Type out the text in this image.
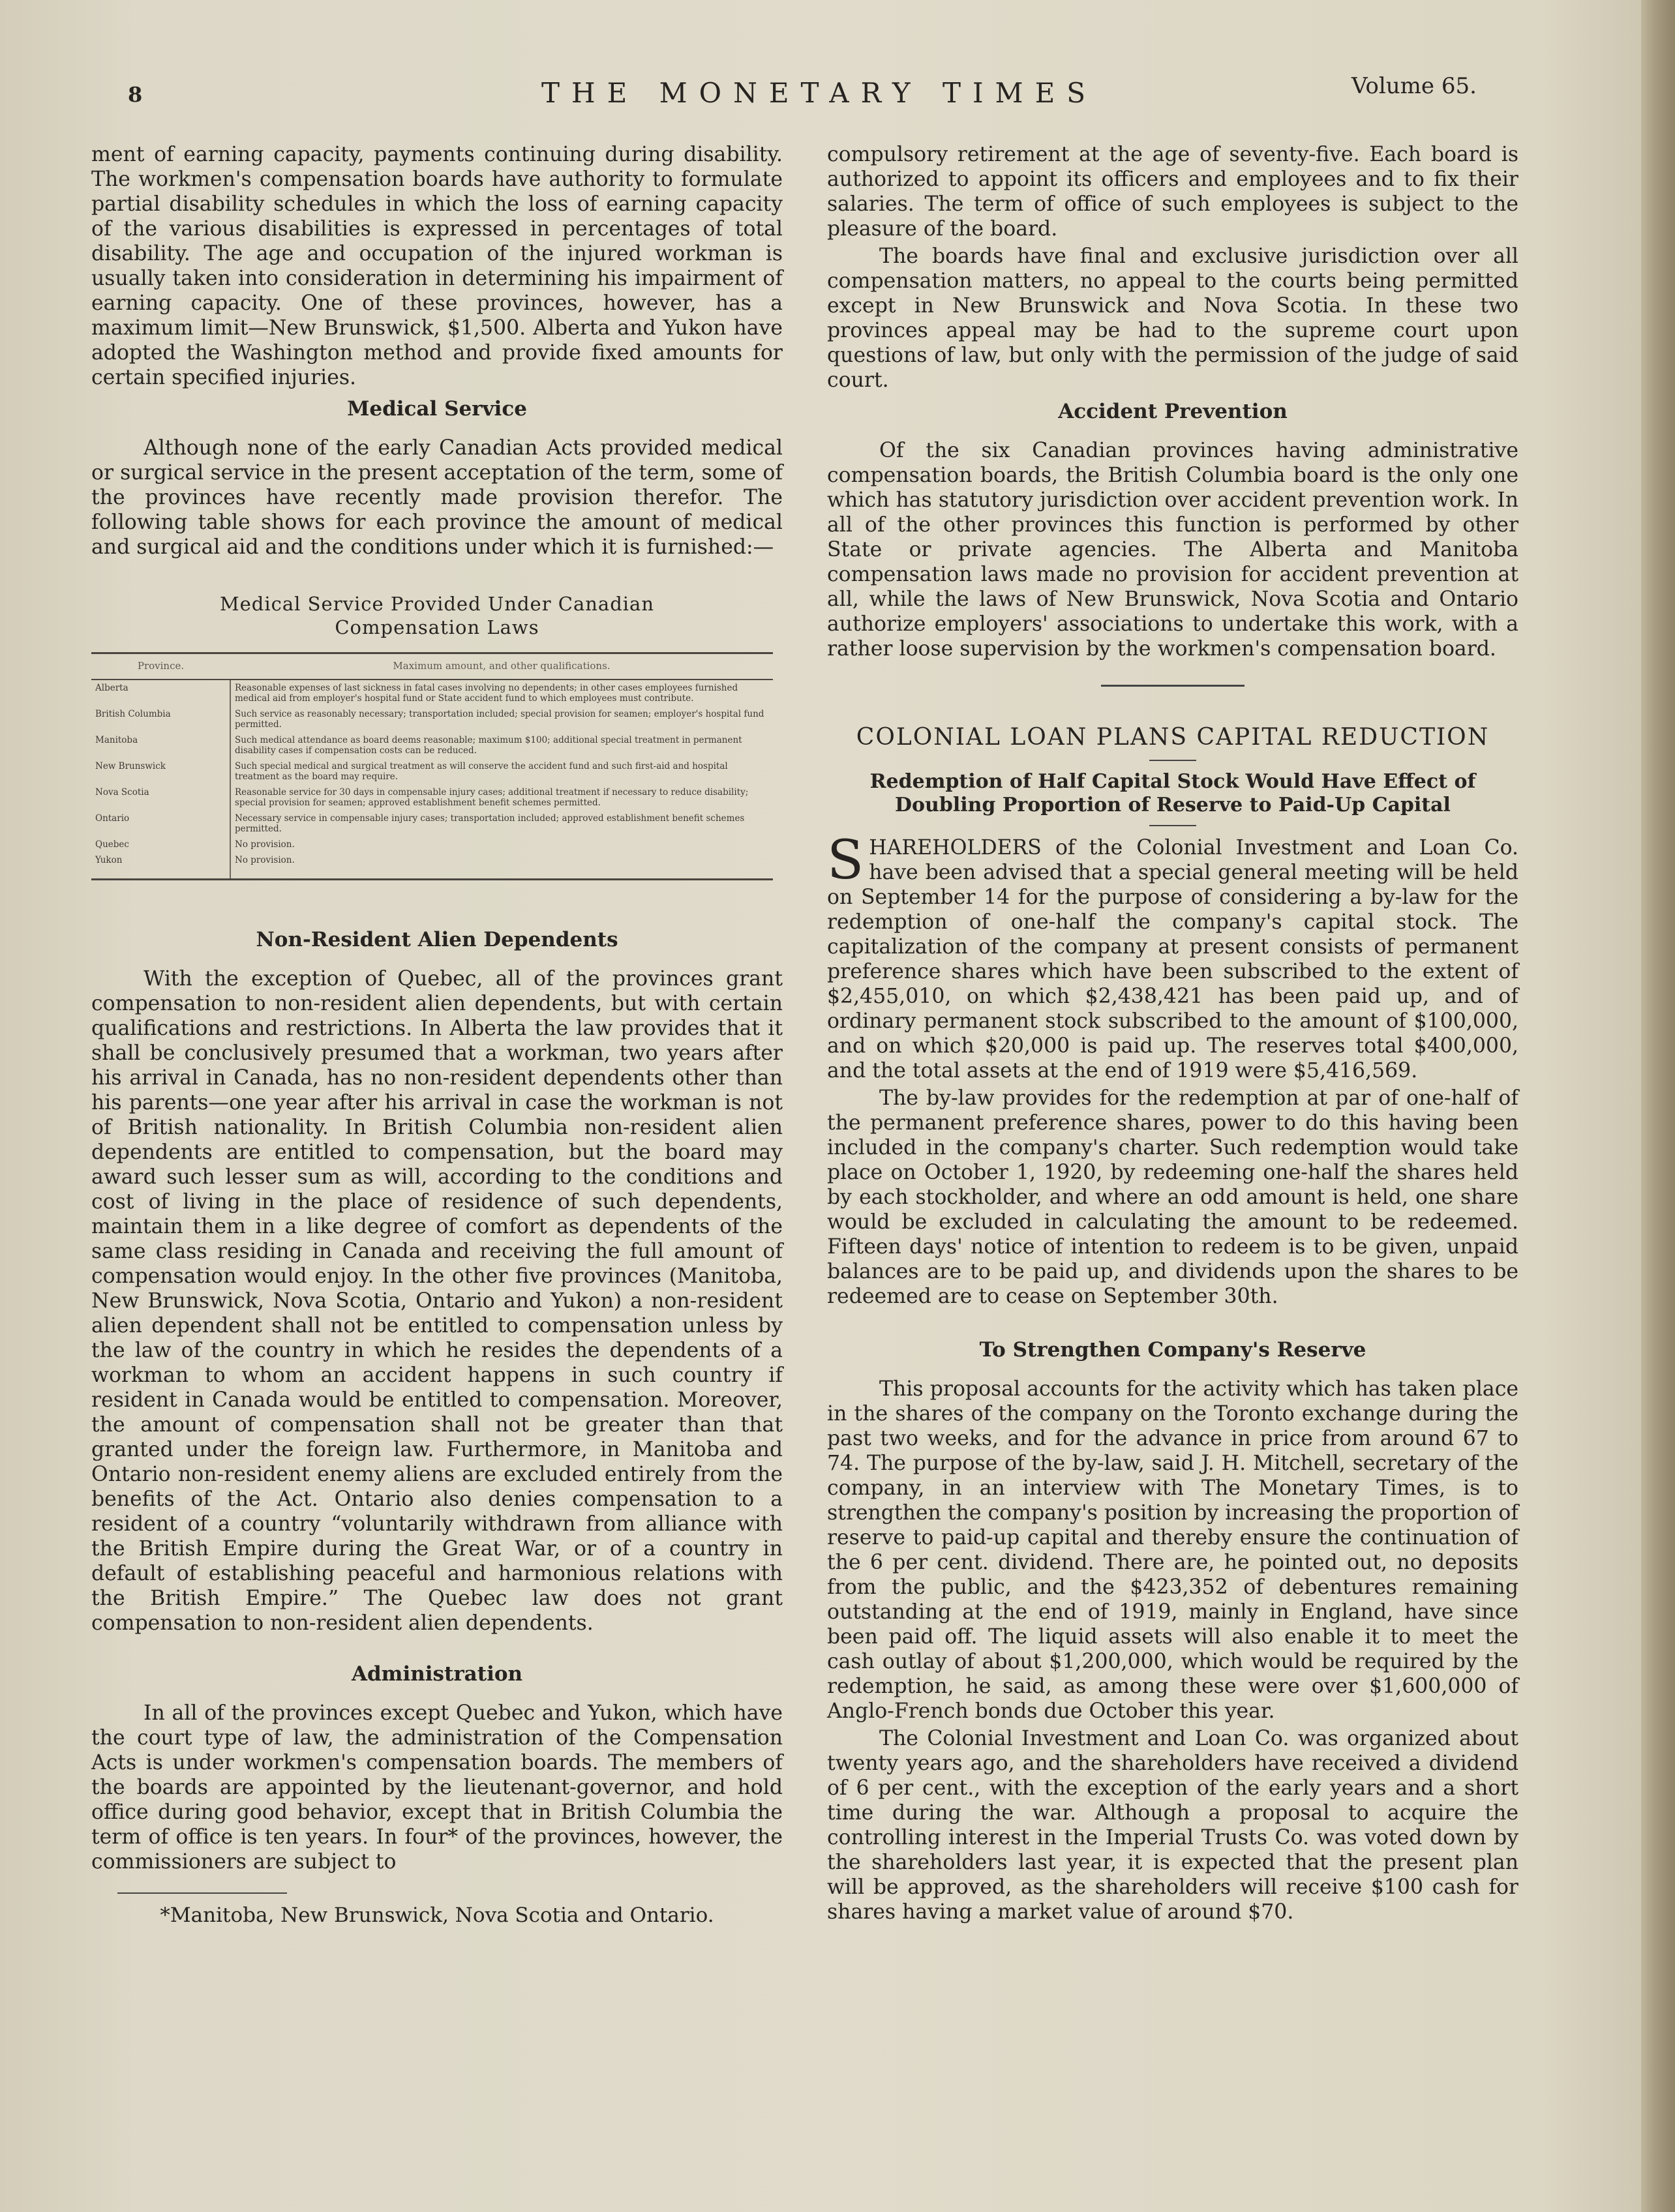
8	THE MONETARY TIMES	Volume 65.

ment of earning capacity, payments continuing during disability. The workmen's compensation boards have authority to formulate partial disability schedules in which the loss of earning capacity of the various disabilities is expressed in percentages of total disability. The age and occupation of the injured workman is usually taken into consideration in determining his impairment of earning capacity. One of these provinces, however, has a maximum limit—New Brunswick, $1,500. Alberta and Yukon have adopted the Washington method and provide fixed amounts for certain specified injuries.

Medical Service

Although none of the early Canadian Acts provided medical or surgical service in the present acceptation of the term, some of the provinces have recently made provision therefor. The following table shows for each province the amount of medical and surgical aid and the conditions under which it is furnished:—

Medical Service Provided Under Canadian
Compensation Laws
Province.	Maximum amount, and other qualifications.
Alberta	Reasonable expenses of last sickness in fatal cases involving no dependents; in other cases employees furnished medical aid from employer's hospital fund or State accident fund to which employees must contribute.
British Columbia	Such service as reasonably necessary; transportation included; special provision for seamen; employer's hospital fund permitted.
Manitoba	Such medical attendance as board deems reasonable; maximum $100; additional special treatment in permanent disability cases if compensation costs can be reduced.
New Brunswick	Such special medical and surgical treatment as will conserve the accident fund and such first-aid and hospital treatment as the board may require.
Nova Scotia	Reasonable service for 30 days in compensable injury cases; additional treatment if necessary to reduce disability; special provision for seamen; approved establishment benefit schemes permitted.
Ontario	Necessary service in compensable injury cases; transportation included; approved establishment benefit schemes permitted.
Quebec	No provision.
Yukon	No provision.
Non-Resident Alien Dependents

With the exception of Quebec, all of the provinces grant compensation to non-resident alien dependents, but with certain qualifications and restrictions. In Alberta the law provides that it shall be conclusively presumed that a workman, two years after his arrival in Canada, has no non-resident dependents other than his parents—one year after his arrival in case the workman is not of British nationality. In British Columbia non-resident alien dependents are entitled to compensation, but the board may award such lesser sum as will, according to the conditions and cost of living in the place of residence of such dependents, maintain them in a like degree of comfort as dependents of the same class residing in Canada and receiving the full amount of compensation would enjoy. In the other five provinces (Manitoba, New Brunswick, Nova Scotia, Ontario and Yukon) a non-resident alien dependent shall not be entitled to compensation unless by the law of the country in which he resides the dependents of a workman to whom an accident happens in such country if resident in Canada would be entitled to compensation. Moreover, the amount of compensation shall not be greater than that granted under the foreign law. Furthermore, in Manitoba and Ontario non-resident enemy aliens are excluded entirely from the benefits of the Act. Ontario also denies compensation to a resident of a country “voluntarily withdrawn from alliance with the British Empire during the Great War, or of a country in default of establishing peaceful and harmonious relations with the British Empire.” The Quebec law does not grant compensation to non-resident alien dependents.

Administration

In all of the provinces except Quebec and Yukon, which have the court type of law, the administration of the Compensation Acts is under workmen's compensation boards. The members of the boards are appointed by the lieutenant-governor, and hold office during good behavior, except that in British Columbia the term of office is ten years. In four* of the provinces, however, the commissioners are subject to

*Manitoba, New Brunswick, Nova Scotia and Ontario.

compulsory retirement at the age of seventy-five. Each board is authorized to appoint its officers and employees and to fix their salaries. The term of office of such employees is subject to the pleasure of the board.

The boards have final and exclusive jurisdiction over all compensation matters, no appeal to the courts being permitted except in New Brunswick and Nova Scotia. In these two provinces appeal may be had to the supreme court upon questions of law, but only with the permission of the judge of said court.

Accident Prevention

Of the six Canadian provinces having administrative compensation boards, the British Columbia board is the only one which has statutory jurisdiction over accident prevention work. In all of the other provinces this function is performed by other State or private agencies. The Alberta and Manitoba compensation laws made no provision for accident prevention at all, while the laws of New Brunswick, Nova Scotia and Ontario authorize employers' associations to undertake this work, with a rather loose supervision by the workmen's compensation board.

COLONIAL LOAN PLANS CAPITAL REDUCTION
Redemption of Half Capital Stock Would Have Effect of Doubling Proportion of Reserve to Paid-Up Capital

SHAREHOLDERS of the Colonial Investment and Loan Co. have been advised that a special general meeting will be held on September 14 for the purpose of considering a by-law for the redemption of one-half the company's capital stock. The capitalization of the company at present consists of permanent preference shares which have been subscribed to the extent of $2,455,010, on which $2,438,421 has been paid up, and of ordinary permanent stock subscribed to the amount of $100,000, and on which $20,000 is paid up. The reserves total $400,000, and the total assets at the end of 1919 were $5,416,569.

The by-law provides for the redemption at par of one-half of the permanent preference shares, power to do this having been included in the company's charter. Such redemption would take place on October 1, 1920, by redeeming one-half the shares held by each stockholder, and where an odd amount is held, one share would be excluded in calculating the amount to be redeemed. Fifteen days' notice of intention to redeem is to be given, unpaid balances are to be paid up, and dividends upon the shares to be redeemed are to cease on September 30th.

To Strengthen Company's Reserve

This proposal accounts for the activity which has taken place in the shares of the company on the Toronto exchange during the past two weeks, and for the advance in price from around 67 to 74. The purpose of the by-law, said J. H. Mitchell, secretary of the company, in an interview with The Monetary Times, is to strengthen the company's position by increasing the proportion of reserve to paid-up capital and thereby ensure the continuation of the 6 per cent. dividend. There are, he pointed out, no deposits from the public, and the $423,352 of debentures remaining outstanding at the end of 1919, mainly in England, have since been paid off. The liquid assets will also enable it to meet the cash outlay of about $1,200,000, which would be required by the redemption, he said, as among these were over $1,600,000 of Anglo-French bonds due October this year.

The Colonial Investment and Loan Co. was organized about twenty years ago, and the shareholders have received a dividend of 6 per cent., with the exception of the early years and a short time during the war. Although a proposal to acquire the controlling interest in the Imperial Trusts Co. was voted down by the shareholders last year, it is expected that the present plan will be approved, as the shareholders will receive $100 cash for shares having a market value of around $70.
